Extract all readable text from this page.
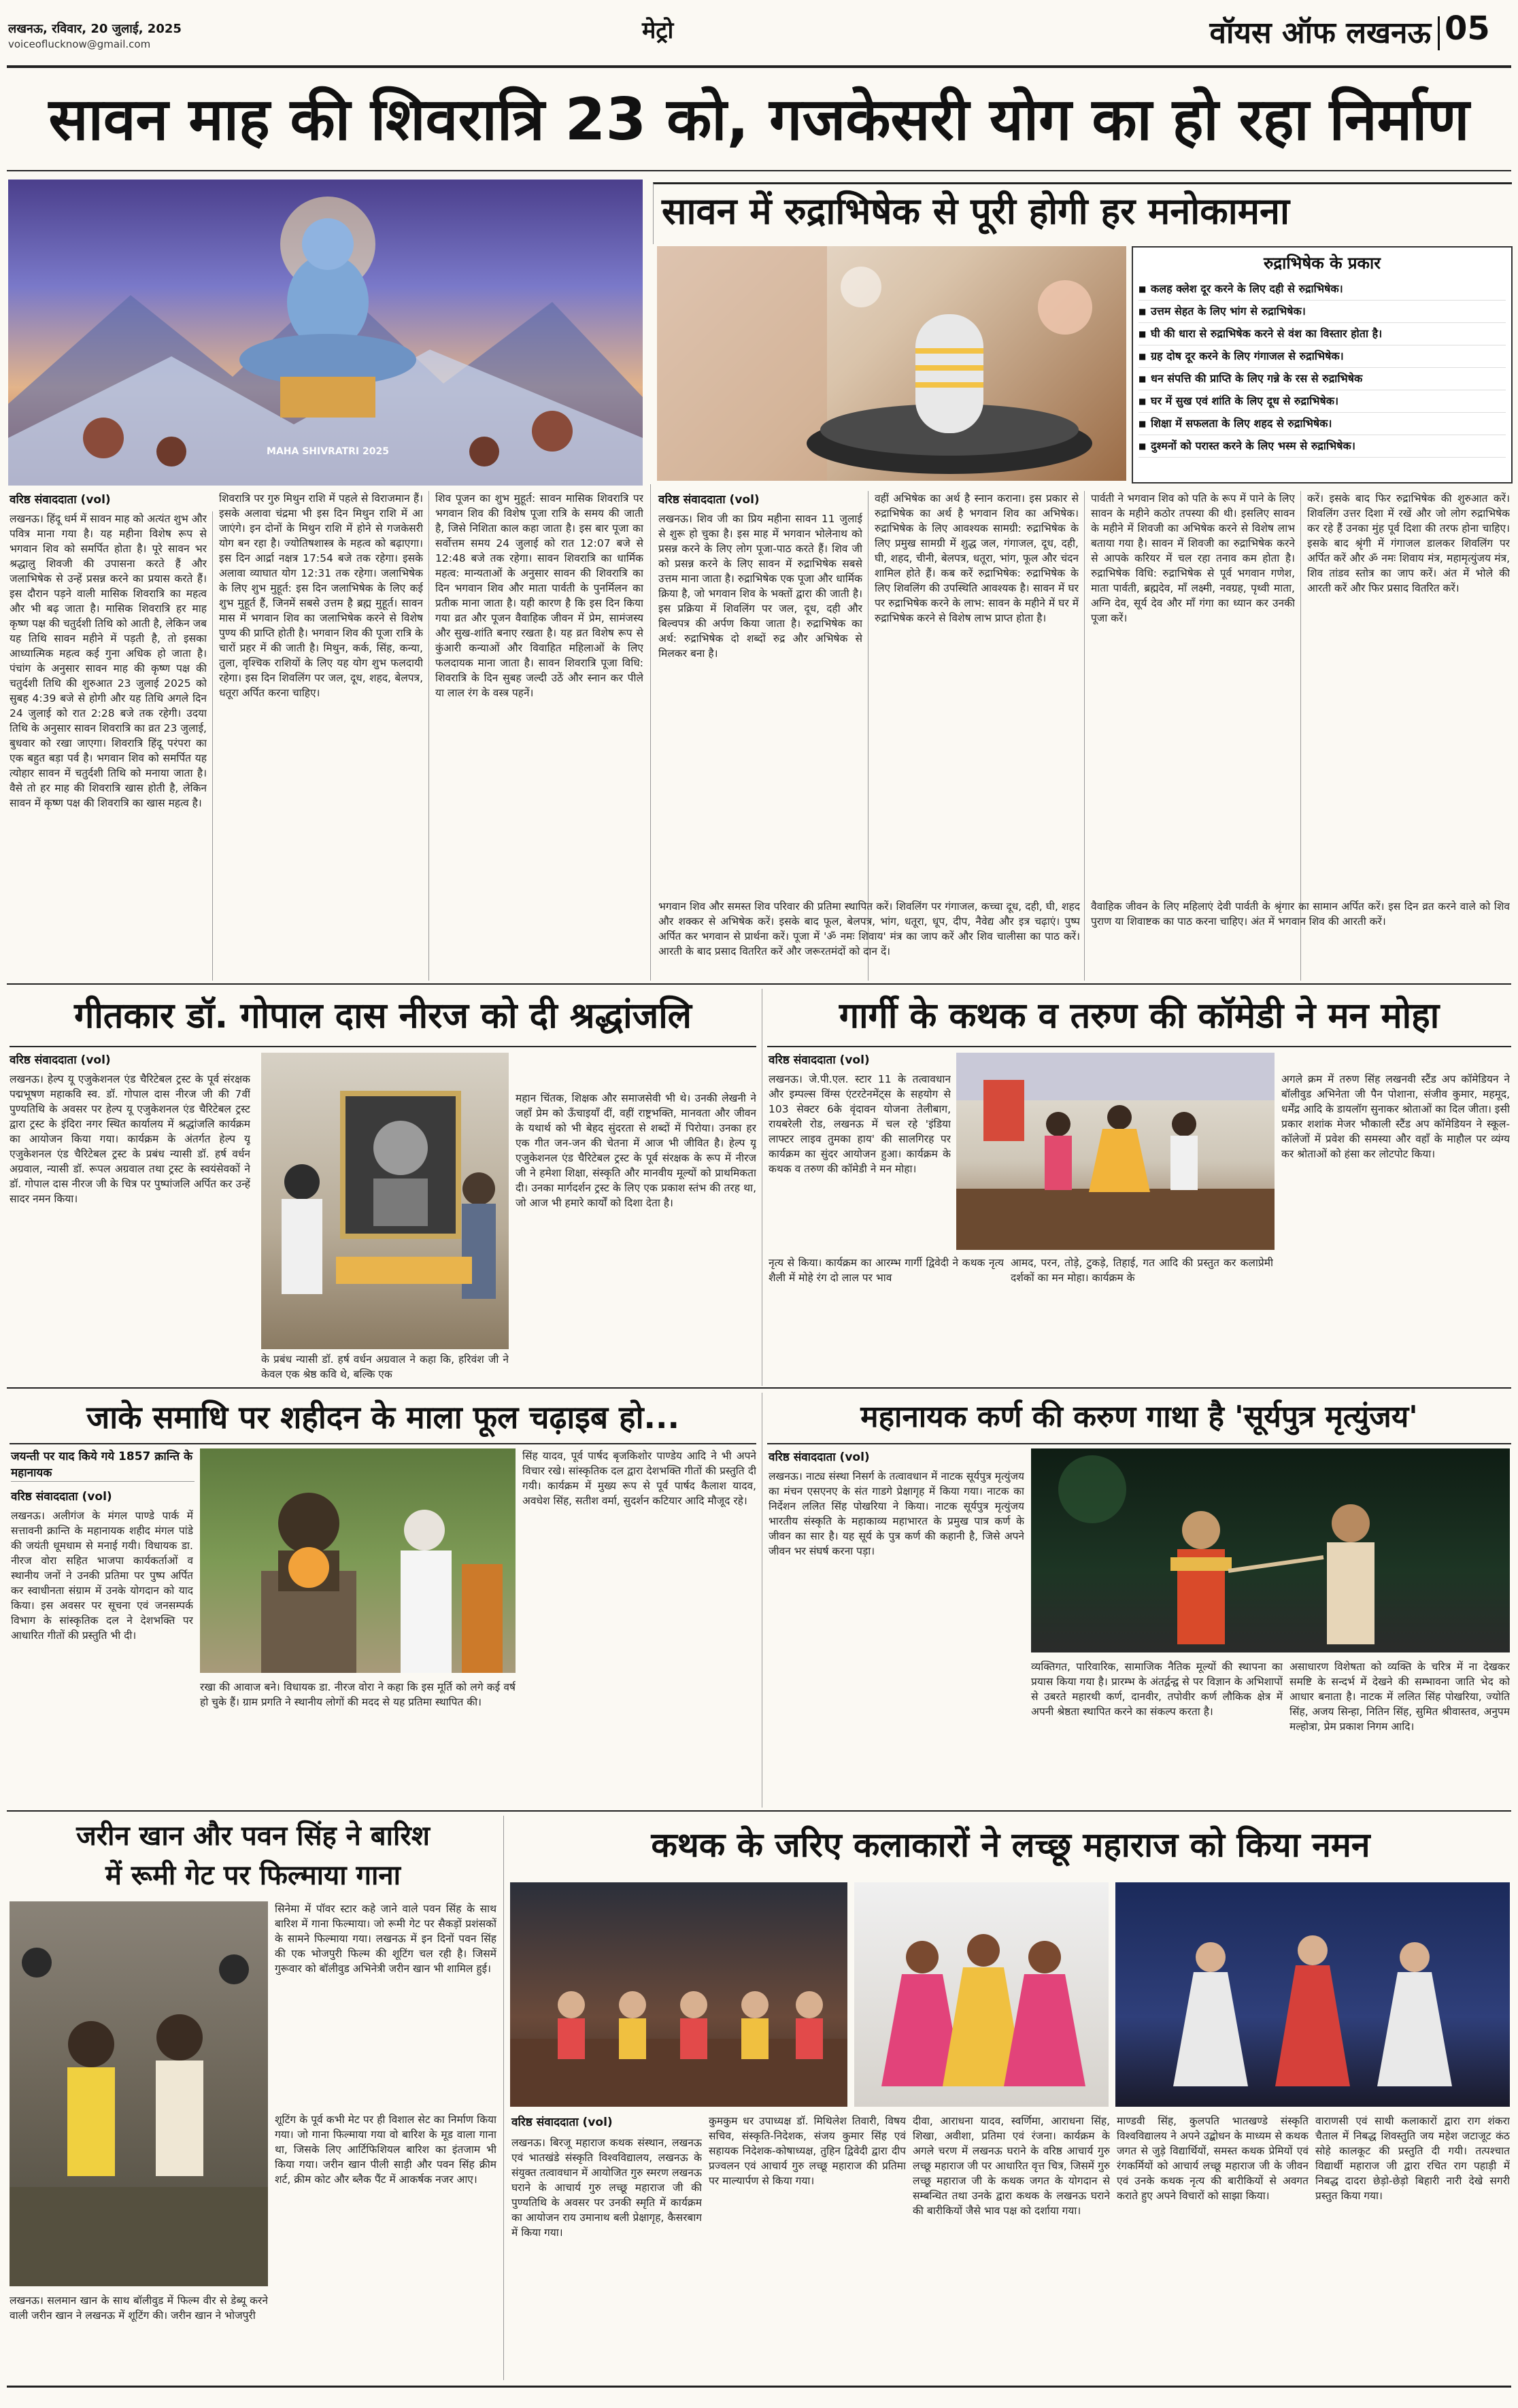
लखनऊ, रविवार, 20 जुलाई, 2025
voiceoflucknow@gmail.com	मेट्रो	वॉयस ऑफ लखनऊ 05
सावन माह की शिवरात्रि 23 को, गजकेसरी योग का हो रहा निर्माण
MAHA SHIVRATRI 2025
सावन में रुद्राभिषेक से पूरी होगी हर मनोकामना
रुद्राभिषेक के प्रकार
■ कलह क्लेश दूर करने के लिए दही से रुद्राभिषेक।
■ उत्तम सेहत के लिए भांग से रुद्राभिषेक।
■ घी की धारा से रुद्राभिषेक करने से वंश का विस्तार होता है।
■ ग्रह दोष दूर करने के लिए गंगाजल से रुद्राभिषेक।
■ धन संपत्ति की प्राप्ति के लिए गन्ने के रस से रुद्राभिषेक
■ घर में सुख एवं शांति के लिए दूध से रुद्राभिषेक।
■ शिक्षा में सफलता के लिए शहद से रुद्राभिषेक।
■ दुश्मनों को परास्त करने के लिए भस्म से रुद्राभिषेक।
वरिष्ठ संवाददाता (vol)	वरिष्ठ संवाददाता (vol)
लखनऊ। हिंदू धर्म में सावन माह को अत्यंत शुभ और पवित्र माना गया है। यह महीना विशेष रूप से भगवान शिव को समर्पित होता है। पूरे सावन भर श्रद्धालु शिवजी की उपासना करते हैं और जलाभिषेक से उन्हें प्रसन्न करने का प्रयास करते हैं। इस दौरान पड़ने वाली मासिक शिवरात्रि का महत्व और भी बढ़ जाता है। मासिक शिवरात्रि हर माह कृष्ण पक्ष की चतुर्दशी तिथि को आती है, लेकिन जब यह तिथि सावन महीने में पड़ती है, तो इसका आध्यात्मिक महत्व कई गुना अधिक हो जाता है। पंचांग के अनुसार सावन माह की कृष्ण पक्ष की चतुर्दशी तिथि की शुरुआत 23 जुलाई 2025 को सुबह 4:39 बजे से होगी और यह तिथि अगले दिन 24 जुलाई को रात 2:28 बजे तक रहेगी। उदया तिथि के अनुसार सावन शिवरात्रि का व्रत 23 जुलाई, बुधवार को रखा जाएगा। शिवरात्रि हिंदू परंपरा का एक बहुत बड़ा पर्व है। भगवान शिव को समर्पित यह त्योहार सावन में चतुर्दशी तिथि को मनाया जाता है। वैसे तो हर माह की शिवरात्रि खास होती है, लेकिन सावन में कृष्ण पक्ष की शिवरात्रि का खास महत्व है।
शिवरात्रि पर गुरु मिथुन राशि में पहले से विराजमान हैं। इसके अलावा चंद्रमा भी इस दिन मिथुन राशि में आ जाएंगे। इन दोनों के मिथुन राशि में होने से गजकेसरी योग बन रहा है। ज्योतिषशास्त्र के महत्व को बढ़ाएगा। इस दिन आर्द्रा नक्षत्र 17:54 बजे तक रहेगा। इसके अलावा व्याघात योग 12:31 तक रहेगा। जलाभिषेक के लिए शुभ मुहूर्त: इस दिन जलाभिषेक के लिए कई शुभ मुहूर्त हैं, जिनमें सबसे उत्तम है ब्रह्म मुहूर्त। सावन मास में भगवान शिव का जलाभिषेक करने से विशेष पुण्य की प्राप्ति होती है। भगवान शिव की पूजा रात्रि के चारों प्रहर में की जाती है। मिथुन, कर्क, सिंह, कन्या, तुला, वृश्चिक राशियों के लिए यह योग शुभ फलदायी रहेगा। इस दिन शिवलिंग पर जल, दूध, शहद, बेलपत्र, धतूरा अर्पित करना चाहिए।
शिव पूजन का शुभ मुहूर्त: सावन मासिक शिवरात्रि पर भगवान शिव की विशेष पूजा रात्रि के समय की जाती है, जिसे निशिता काल कहा जाता है। इस बार पूजा का सर्वोत्तम समय 24 जुलाई को रात 12:07 बजे से 12:48 बजे तक रहेगा। सावन शिवरात्रि का धार्मिक महत्व: मान्यताओं के अनुसार सावन की शिवरात्रि का दिन भगवान शिव और माता पार्वती के पुनर्मिलन का प्रतीक माना जाता है। यही कारण है कि इस दिन किया गया व्रत और पूजन वैवाहिक जीवन में प्रेम, सामंजस्य और सुख-शांति बनाए रखता है। यह व्रत विशेष रूप से कुंआरी कन्याओं और विवाहित महिलाओं के लिए फलदायक माना जाता है। सावन शिवरात्रि पूजा विधि: शिवरात्रि के दिन सुबह जल्दी उठें और स्नान कर पीले या लाल रंग के वस्त्र पहनें।
लखनऊ। शिव जी का प्रिय महीना सावन 11 जुलाई से शुरू हो चुका है। इस माह में भगवान भोलेनाथ को प्रसन्न करने के लिए लोग पूजा-पाठ करते हैं। शिव जी को प्रसन्न करने के लिए सावन में रुद्राभिषेक सबसे उत्तम माना जाता है। रुद्राभिषेक एक पूजा और धार्मिक क्रिया है, जो भगवान शिव के भक्तों द्वारा की जाती है। इस प्रक्रिया में शिवलिंग पर जल, दूध, दही और बिल्वपत्र की अर्पण किया जाता है। रुद्राभिषेक का अर्थ: रुद्राभिषेक दो शब्दों रुद्र और अभिषेक से मिलकर बना है।
वहीं अभिषेक का अर्थ है स्नान कराना। इस प्रकार से रुद्राभिषेक का अर्थ है भगवान शिव का अभिषेक। रुद्राभिषेक के लिए आवश्यक सामग्री: रुद्राभिषेक के लिए प्रमुख सामग्री में शुद्ध जल, गंगाजल, दूध, दही, घी, शहद, चीनी, बेलपत्र, धतूरा, भांग, फूल और चंदन शामिल होते हैं। कब करें रुद्राभिषेक: रुद्राभिषेक के लिए शिवलिंग की उपस्थिति आवश्यक है। सावन में घर पर रुद्राभिषेक करने के लाभ: सावन के महीने में घर में रुद्राभिषेक करने से विशेष लाभ प्राप्त होता है।
पार्वती ने भगवान शिव को पति के रूप में पाने के लिए सावन के महीने कठोर तपस्या की थी। इसलिए सावन के महीने में शिवजी का अभिषेक करने से विशेष लाभ बताया गया है। सावन में शिवजी का रुद्राभिषेक करने से आपके करियर में चल रहा तनाव कम होता है। रुद्राभिषेक विधि: रुद्राभिषेक से पूर्व भगवान गणेश, माता पार्वती, ब्रह्मदेव, माँ लक्ष्मी, नवग्रह, पृथ्वी माता, अग्नि देव, सूर्य देव और माँ गंगा का ध्यान कर उनकी पूजा करें।
करें। इसके बाद फिर रुद्राभिषेक की शुरुआत करें। शिवलिंग उत्तर दिशा में रखें और जो लोग रुद्राभिषेक कर रहे हैं उनका मुंह पूर्व दिशा की तरफ होना चाहिए। इसके बाद श्रृंगी में गंगाजल डालकर शिवलिंग पर अर्पित करें और ॐ नमः शिवाय मंत्र, महामृत्युंजय मंत्र, शिव तांडव स्तोत्र का जाप करें। अंत में भोले की आरती करें और फिर प्रसाद वितरित करें।
भगवान शिव और समस्त शिव परिवार की प्रतिमा स्थापित करें। शिवलिंग पर गंगाजल, कच्चा दूध, दही, घी, शहद और शक्कर से अभिषेक करें। इसके बाद फूल, बेलपत्र, भांग, धतूरा, धूप, दीप, नैवेद्य और इत्र चढ़ाएं। पुष्प अर्पित कर भगवान से प्रार्थना करें। पूजा में 'ॐ नमः शिवाय' मंत्र का जाप करें और शिव चालीसा का पाठ करें। आरती के बाद प्रसाद वितरित करें और जरूरतमंदों को दान दें।
वैवाहिक जीवन के लिए महिलाएं देवी पार्वती के श्रृंगार का सामान अर्पित करें। इस दिन व्रत करने वाले को शिव पुराण या शिवाष्टक का पाठ करना चाहिए। अंत में भगवान शिव की आरती करें।
गीतकार डॉ. गोपाल दास नीरज को दी श्रद्धांजलि
वरिष्ठ संवाददाता (vol)
लखनऊ। हेल्प यू एजुकेशनल एंड चैरिटेबल ट्रस्ट के पूर्व संरक्षक पद्मभूषण महाकवि स्व. डॉ. गोपाल दास नीरज जी की 7वीं पुण्यतिथि के अवसर पर हेल्प यू एजुकेशनल एंड चैरिटेबल ट्रस्ट द्वारा ट्रस्ट के इंदिरा नगर स्थित कार्यालय में श्रद्धांजलि कार्यक्रम का आयोजन किया गया। कार्यक्रम के अंतर्गत हेल्प यू एजुकेशनल एंड चैरिटेबल ट्रस्ट के प्रबंध न्यासी डॉ. हर्ष वर्धन अग्रवाल, न्यासी डॉ. रूपल अग्रवाल तथा ट्रस्ट के स्वयंसेवकों ने डॉ. गोपाल दास नीरज जी के चित्र पर पुष्पांजलि अर्पित कर उन्हें सादर नमन किया।
के प्रबंध न्यासी डॉ. हर्ष वर्धन अग्रवाल ने कहा कि, हरिवंश जी ने केवल एक श्रेष्ठ कवि थे, बल्कि एक
महान चिंतक, शिक्षक और समाजसेवी भी थे। उनकी लेखनी ने जहाँ प्रेम को ऊँचाइयाँ दीं, वहीं राष्ट्रभक्ति, मानवता और जीवन के यथार्थ को भी बेहद सुंदरता से शब्दों में पिरोया। उनका हर एक गीत जन-जन की चेतना में आज भी जीवित है। हेल्प यू एजुकेशनल एंड चैरिटेबल ट्रस्ट के पूर्व संरक्षक के रूप में नीरज जी ने हमेशा शिक्षा, संस्कृति और मानवीय मूल्यों को प्राथमिकता दी। उनका मार्गदर्शन ट्रस्ट के लिए एक प्रकाश स्तंभ की तरह था, जो आज भी हमारे कार्यों को दिशा देता है।
गार्गी के कथक व तरुण की कॉमेडी ने मन मोहा
वरिष्ठ संवाददाता (vol)
लखनऊ। जे.पी.एल. स्टार 11 के तत्वावधान और इम्पल्स विंग्स एंटरटेनमेंट्स के सहयोग से 103 सेक्टर 6के वृंदावन योजना तेलीबाग, रायबरेली रोड, लखनऊ में चल रहे 'इंडिया लाफ्टर लाइव तुमका हाय' की सालगिरह पर कार्यक्रम का सुंदर आयोजन हुआ। कार्यक्रम के कथक व तरुण की कॉमेडी ने मन मोहा।
नृत्य से किया। कार्यक्रम का आरम्भ गार्गी द्विवेदी ने कथक नृत्य शैली में मोहे रंग दो लाल पर भाव
आमद, परन, तोड़े, टुकड़े, तिहाई, गत आदि की प्रस्तुत कर कलाप्रेमी दर्शकों का मन मोहा। कार्यक्रम के
अगले क्रम में तरुण सिंह लखनवी स्टैंड अप कॉमेडियन ने बॉलीवुड अभिनेता जी पैन पोशाना, संजीव कुमार, महमूद, धर्मेंद्र आदि के डायलॉग सुनाकर श्रोताओं का दिल जीता। इसी प्रकार शशांक मेजर भौकाली स्टैंड अप कॉमेडियन ने स्कूल-कॉलेजों में प्रवेश की समस्या और वहाँ के माहौल पर व्यंग्य कर श्रोताओं को हंसा कर लोटपोट किया।
जाके समाधि पर शहीदन के माला फूल चढ़ाइब हो...
जयन्ती पर याद किये गये 1857 क्रान्ति के महानायक
वरिष्ठ संवाददाता (vol)
लखनऊ। अलीगंज के मंगल पाण्डे पार्क में सत्तावनी क्रान्ति के महानायक शहीद मंगल पांडे की जयंती धूमधाम से मनाई गयी। विधायक डा. नीरज वोरा सहित भाजपा कार्यकर्ताओं व स्थानीय जनों ने उनकी प्रतिमा पर पुष्प अर्पित कर स्वाधीनता संग्राम में उनके योगदान को याद किया। इस अवसर पर सूचना एवं जनसम्पर्क विभाग के सांस्कृतिक दल ने देशभक्ति पर आधारित गीतों की प्रस्तुति भी दी।
रखा की आवाज बने। विधायक डा. नीरज वोरा ने कहा कि इस मूर्ति को लगे कई वर्ष हो चुके हैं। ग्राम प्रगति ने स्थानीय लोगों की मदद से यह प्रतिमा स्थापित की।
सिंह यादव, पूर्व पार्षद बृजकिशोर पाण्डेय आदि ने भी अपने विचार रखे। सांस्कृतिक दल द्वारा देशभक्ति गीतों की प्रस्तुति दी गयी। कार्यक्रम में मुख्य रूप से पूर्व पार्षद कैलाश यादव, अवधेश सिंह, सतीश वर्मा, सुदर्शन कटियार आदि मौजूद रहे।
महानायक कर्ण की करुण गाथा है 'सूर्यपुत्र मृत्युंजय'
वरिष्ठ संवाददाता (vol)
लखनऊ। नाट्य संस्था निसर्ग के तत्वावधान में नाटक सूर्यपुत्र मृत्युंजय का मंचन एसएनए के संत गाडगे प्रेक्षागृह में किया गया। नाटक का निर्देशन ललित सिंह पोखरिया ने किया। नाटक सूर्यपुत्र मृत्युंजय भारतीय संस्कृति के महाकाव्य महाभारत के प्रमुख पात्र कर्ण के जीवन का सार है। यह सूर्य के पुत्र कर्ण की कहानी है, जिसे अपने जीवन भर संघर्ष करना पड़ा।
व्यक्तिगत, पारिवारिक, सामाजिक नैतिक मूल्यों की स्थापना का प्रयास किया गया है। प्रारम्भ के अंतर्द्वन्द्व से पर विज्ञान के अभिशापों से उबरते महारथी कर्ण, दानवीर, तपोवीर कर्ण लौकिक क्षेत्र में अपनी श्रेष्ठता स्थापित करने का संकल्प करता है।
असाधारण विशेषता को व्यक्ति के चरित्र में ना देखकर समष्टि के सन्दर्भ में देखने की सम्भावना जाति भेद को आधार बनाता है। नाटक में ललित सिंह पोखरिया, ज्योति सिंह, अजय सिन्हा, नितिन सिंह, सुमित श्रीवास्तव, अनुपम मल्होत्रा, प्रेम प्रकाश निगम आदि।
जरीन खान और पवन सिंह ने बारिश
में रूमी गेट पर फिल्माया गाना
सिनेमा में पॉवर स्टार कहे जाने वाले पवन सिंह के साथ बारिश में गाना फिल्माया। जो रूमी गेट पर सैकड़ों प्रशंसकों के सामने फिल्माया गया। लखनऊ में इन दिनों पवन सिंह की एक भोजपुरी फिल्म की शूटिंग चल रही है। जिसमें गुरूवार को बॉलीवुड अभिनेत्री जरीन खान भी शामिल हुई।
लखनऊ। सलमान खान के साथ बॉलीवुड में फिल्म वीर से डेब्यू करने वाली जरीन खान ने लखनऊ में शूटिंग की। जरीन खान ने भोजपुरी
शूटिंग के पूर्व कभी मेट पर ही विशाल सेट का निर्माण किया गया। जो गाना फिल्माया गया वो बारिश के मूड वाला गाना था, जिसके लिए आर्टिफिशियल बारिश का इंतजाम भी किया गया। जरीन खान पीली साड़ी और पवन सिंह क्रीम शर्ट, क्रीम कोट और ब्लैक पैंट में आकर्षक नजर आए।
कथक के जरिए कलाकारों ने लच्छू महाराज को किया नमन
वरिष्ठ संवाददाता (vol)
लखनऊ। बिरजू महाराज कथक संस्थान, लखनऊ एवं भातखंडे संस्कृति विश्वविद्यालय, लखनऊ के संयुक्त तत्वावधान में आयोजित गुरु स्मरण लखनऊ घराने के आचार्य गुरु लच्छू महाराज जी की पुण्यतिथि के अवसर पर उनकी स्मृति में कार्यक्रम का आयोजन राय उमानाथ बली प्रेक्षागृह, कैसरबाग में किया गया।
कुमकुम धर उपाध्यक्ष डॉ. मिथिलेश तिवारी, विषय सचिव, संस्कृति-निदेशक, संजय कुमार सिंह एवं सहायक निदेशक-कोषाध्यक्ष, तुहिन द्विवेदी द्वारा दीप प्रज्वलन एवं आचार्य गुरु लच्छू महाराज की प्रतिमा पर माल्यार्पण से किया गया।
दीवा, आराधना यादव, स्वर्णिमा, आराधना सिंह, शिखा, अवीशा, प्रतिमा एवं रंजना। कार्यक्रम के अगले चरण में लखनऊ घराने के वरिष्ठ आचार्य गुरु लच्छू महाराज जी पर आधारित वृत्त चित्र, जिसमें गुरु लच्छू महाराज जी के कथक जगत के योगदान से सम्बन्धित तथा उनके द्वारा कथक के लखनऊ घराने की बारीकियों जैसे भाव पक्ष को दर्शाया गया।
माण्डवी सिंह, कुलपति भातखण्डे संस्कृति विश्वविद्यालय ने अपने उद्बोधन के माध्यम से कथक जगत से जुड़े विद्यार्थियों, समस्त कथक प्रेमियों एवं रंगकर्मियों को आचार्य लच्छू महाराज जी के जीवन एवं उनके कथक नृत्य की बारीकियों से अवगत कराते हुए अपने विचारों को साझा किया।
वाराणसी एवं साथी कलाकारों द्वारा राग शंकरा चैताल में निबद्ध शिवस्तुति जय महेश जटाजूट कंठ सोहे कालकूट की प्रस्तुति दी गयी। तत्पश्चात विद्यार्थी महाराज जी द्वारा रचित राग पहाड़ी में निबद्ध दादरा छेड़ो-छेड़ो बिहारी नारी देखे सगरी प्रस्तुत किया गया।
